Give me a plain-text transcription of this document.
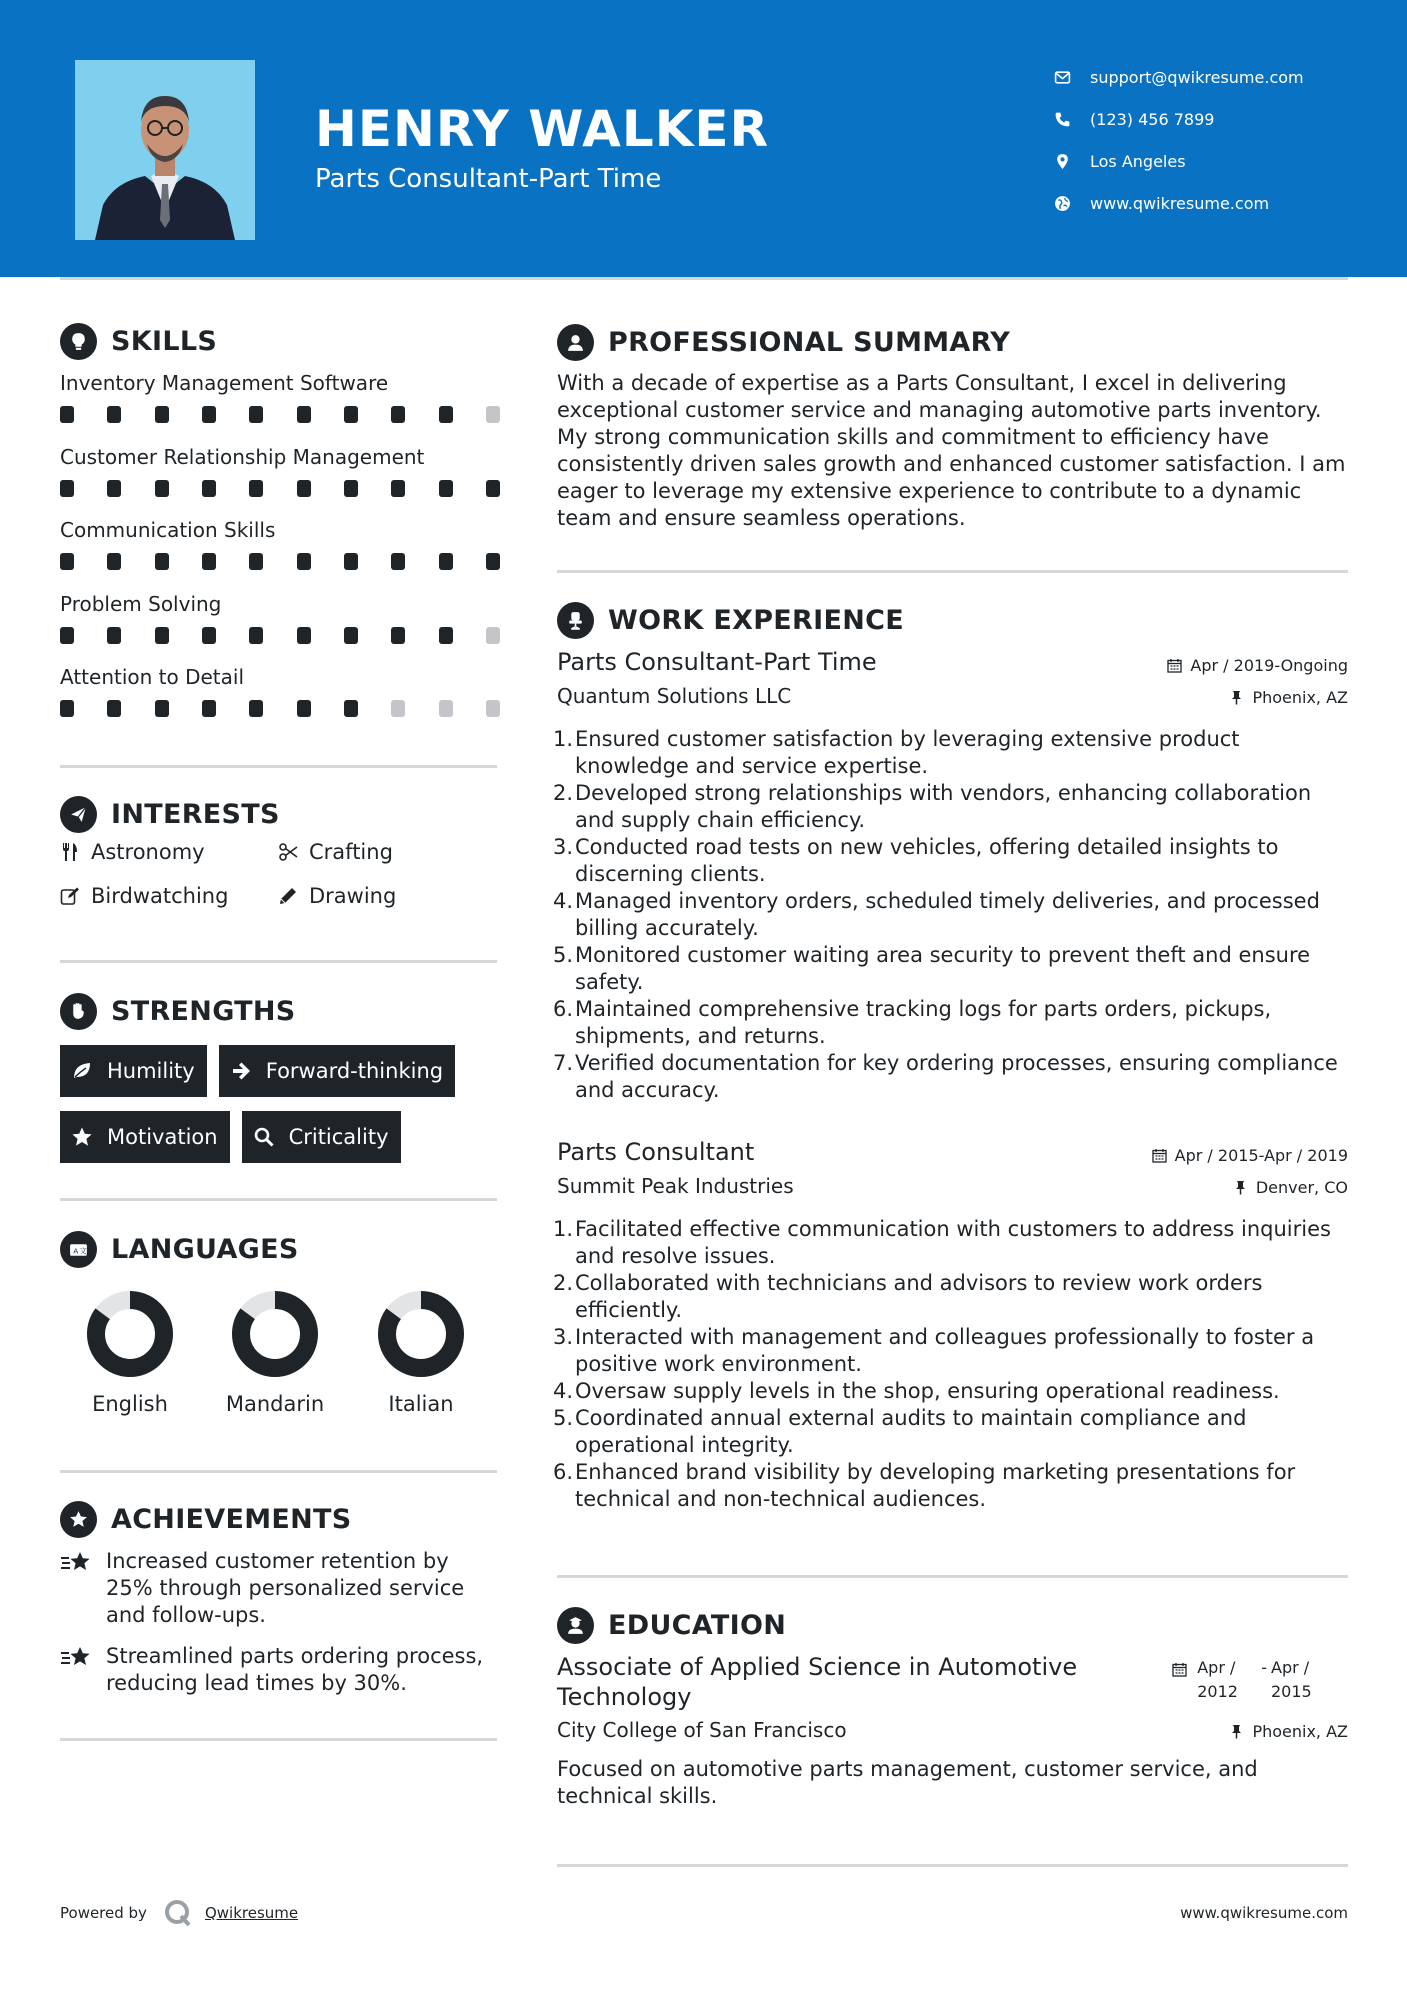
HENRY WALKER
Parts Consultant-Part Time
support@qwikresume.com
(123) 456 7899
Los Angeles
www.qwikresume.com
SKILLS
Inventory Management Software
Customer Relationship Management
Communication Skills
Problem Solving
Attention to Detail
INTERESTS
Astronomy	Crafting
Birdwatching	Drawing
STRENGTHS
Humility	Forward-thinking
Motivation	Criticality
A 文 LANGUAGES
English	Mandarin	Italian
ACHIEVEMENTS
Increased customer retention by 25% through personalized service and follow-ups.
Streamlined parts ordering process, reducing lead times by 30%.
PROFESSIONAL SUMMARY
With a decade of expertise as a Parts Consultant, I excel in delivering exceptional customer service and managing automotive parts inventory. My strong communication skills and commitment to efficiency have consistently driven sales growth and enhanced customer satisfaction. I am eager to leverage my extensive experience to contribute to a dynamic team and ensure seamless operations.
WORK EXPERIENCE
Parts Consultant-Part Time	Apr / 2019-Ongoing
Quantum Solutions LLC	Phoenix, AZ
Ensured customer satisfaction by leveraging extensive product knowledge and service expertise.
Developed strong relationships with vendors, enhancing collaboration and supply chain efficiency.
Conducted road tests on new vehicles, offering detailed insights to discerning clients.
Managed inventory orders, scheduled timely deliveries, and processed billing accurately.
Monitored customer waiting area security to prevent theft and ensure safety.
Maintained comprehensive tracking logs for parts orders, pickups, shipments, and returns.
Verified documentation for key ordering processes, ensuring compliance and accuracy.
Parts Consultant	Apr / 2015-Apr / 2019
Summit Peak Industries	Denver, CO
Facilitated effective communication with customers to address inquiries and resolve issues.
Collaborated with technicians and advisors to review work orders efficiently.
Interacted with management and colleagues professionally to foster a positive work environment.
Oversaw supply levels in the shop, ensuring operational readiness.
Coordinated annual external audits to maintain compliance and operational integrity.
Enhanced brand visibility by developing marketing presentations for technical and non-technical audiences.
EDUCATION
Associate of Applied Science in Automotive Technology
Apr / 2012
- Apr / 2015
City College of San Francisco	Phoenix, AZ
Focused on automotive parts management, customer service, and technical skills.
Powered by	Qwikresume	www.qwikresume.com
